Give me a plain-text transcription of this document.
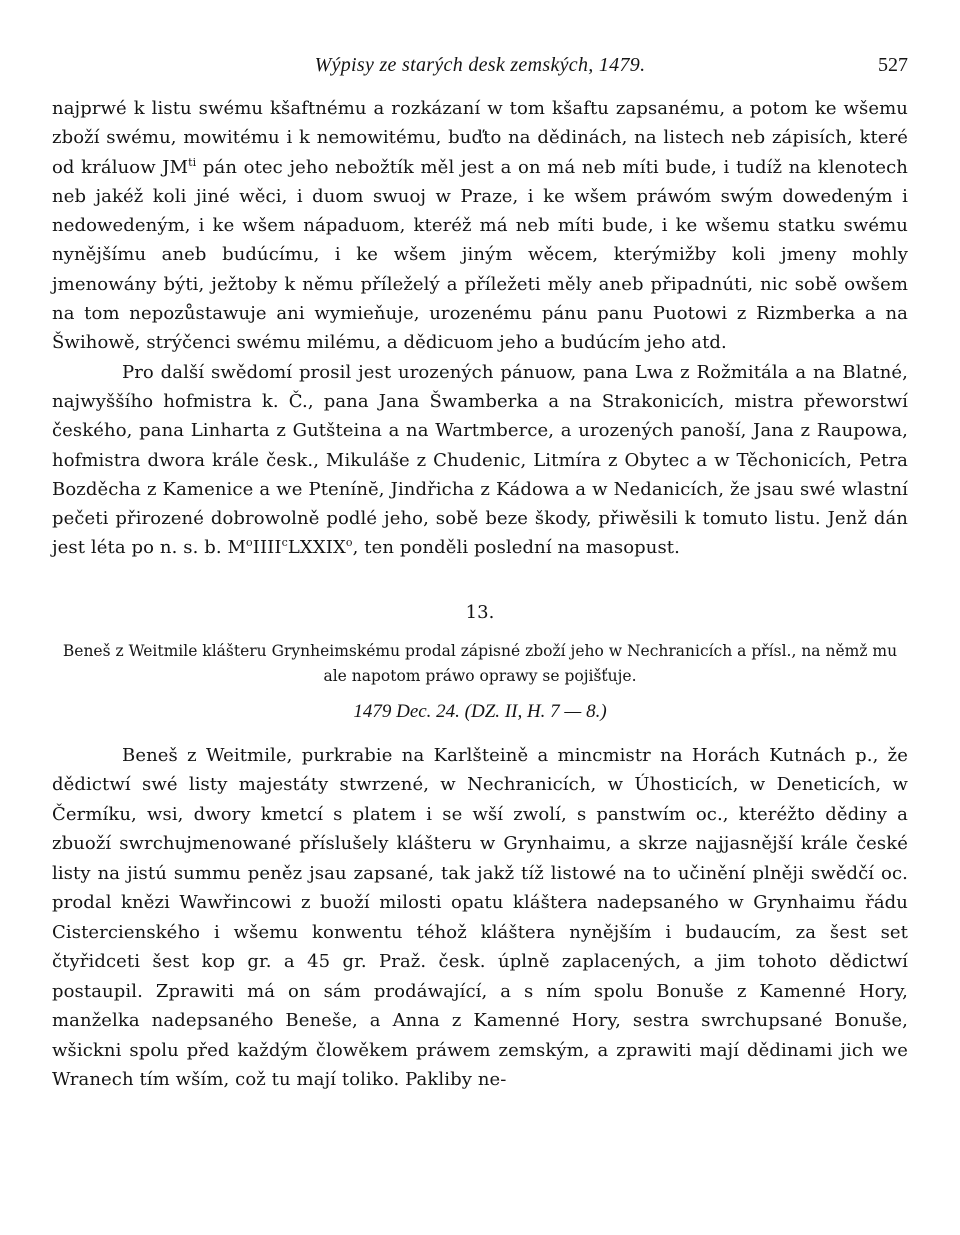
Wýpisy ze starých desk zemských, 1479.	527

najprwé k listu swému kšaftnému a rozkázaní w tom kšaftu zapsanému, a potom ke wšemu zboží swému, mowitému i k nemowitému, buďto na dědinách, na listech neb zápisích, které od králuow $JM^{ti}$ pán otec jeho nebožtík měl jest a on má neb míti bude, i tudíž na klenotech neb jakéž koli jiné wěci, i duom swuoj w Praze, i ke wšem práwóm swým dowedeným i nedowedeným, i ke wšem nápaduom, kteréž má neb míti bude, i ke wšemu statku swému nynějšímu aneb budúcímu, i ke wšem jiným wěcem, kterýmižby koli jmeny mohly jmenowány býti, ježtoby k němu příleželý a příležeti měly aneb připadnúti, nic sobě owšem na tom nepozůstawuje ani wymieňuje, urozenému pánu panu Puotowi z Rizmberka a na Šwihowě, strýčenci swému milému, a dědicuom jeho a budúcím jeho atd.

Pro další swědomí prosil jest urozených pánuow, pana Lwa z Rožmitála a na Blatné, najwyššího hofmistra k. Č., pana Jana Šwamberka a na Strakonicích, mistra přeworstwí českého, pana Linharta z Gutšteina a na Wartmberce, a urozených panoší, Jana z Raupowa, hofmistra dwora krále česk., Mikuláše z Chudenic, Litmíra z Obytec a w Těchonicích, Petra Bozděcha z Kamenice a we Ptenínĕ, Jindřicha z Kádowa a w Nedanicích, že jsau swé wlastní pečeti přirozené dobrowolně podlé jeho, sobě beze škody, přiwěsili k tomuto listu. Jenž dán jest léta po n. s. b. $M^oIIII^cLXXIX^o$, ten ponděli poslední na masopust.

13.

Beneš z Weitmile klášteru Grynheimskému prodal zápisné zboží jeho w Nechranicích a přísl., na němž mu ale napotom práwo oprawy se pojišťuje.

1479 Dec. 24. (DZ. II, H. 7 — 8.)

Beneš z Weitmile, purkrabie na Karlšteině a mincmistr na Horách Kutnách p., že dědictwí swé listy majestáty stwrzené, w Nechranicích, w Úhosticích, w Deneticích, w Čermíku, wsi, dwory kmetcí s platem i se wší zwolí, s panstwím oc., kteréžto dědiny a zbuoží swrchujmenowané příslušely klášteru w Grynhaimu, a skrze najjasnější krále české listy na jistú summu peněz jsau zapsané, tak jakž tíž listowé na to učinění plněji swědčí oc. prodal knězi Wawřincowi z buoží milosti opatu kláštera nadepsaného w Grynhaimu řádu Cistercienského i wšemu konwentu téhož kláštera nynějším i budaucím, za šest set čtyřidceti šest kop gr. a 45 gr. Praž. česk. úplně zaplacených, a jim tohoto dědictwí postaupil. Zprawiti má on sám prodáwající, a s ním spolu Bonuše z Kamenné Hory, manželka nadepsaného Beneše, a Anna z Kamenné Hory, sestra swrchupsané Bonuše, wšickni spolu před každým člowěkem práwem zemským, a zprawiti mají dědinami jich we Wranech tím wším, což tu mají toliko. Pakliby ne-
